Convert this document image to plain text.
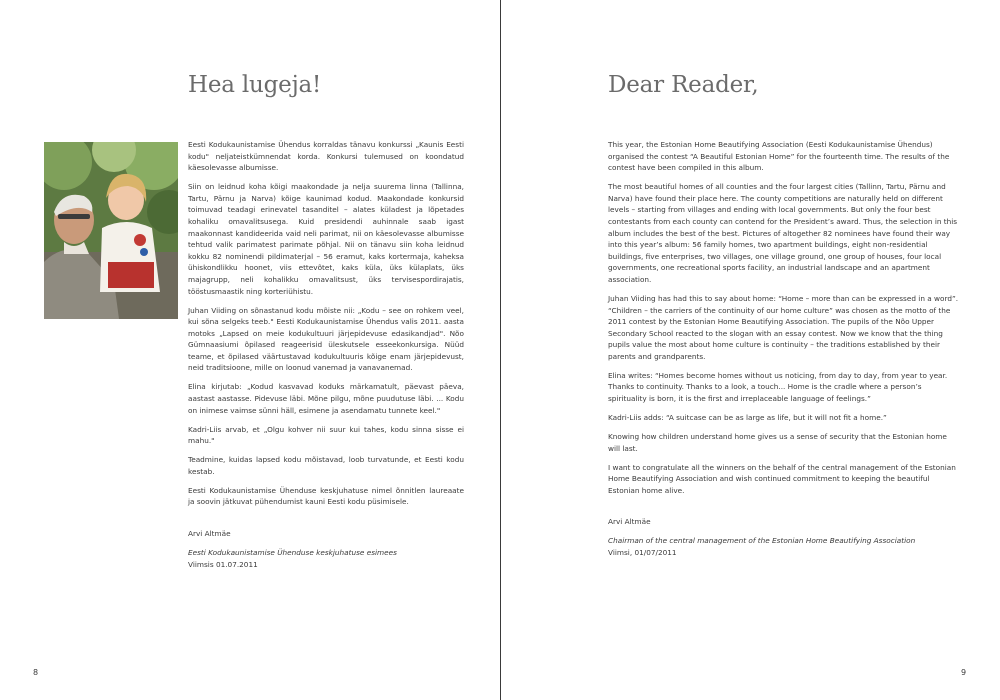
Hea lugeja!

Eesti Kodukaunistamise Ühendus korraldas tänavu konkurssi „Kaunis Eesti kodu" neljateistkümnendat korda. Konkursi tulemused on koondatud käesolevasse albumisse.

Siin on leidnud koha kõigi maakondade ja nelja suurema linna (Tallinna, Tartu, Pärnu ja Narva) kõige kaunimad kodud. Maakondade konkursid toimuvad teadagi erinevatel tasanditel – alates küladest ja lõpetades kohaliku omavalitsusega. Kuid presidendi auhinnale saab igast maakonnast kandideerida vaid neli parimat, nii on käesolevasse albumisse tehtud valik parimatest parimate põhjal. Nii on tänavu siin koha leidnud kokku 82 nominendi pildimaterjal – 56 eramut, kaks kortermaja, kaheksa ühiskondlikku hoonet, viis ettevõtet, kaks küla, üks külaplats, üks majagrupp, neli kohalikku omavalitsust, üks tervisespordirajatis, tööstusmaastik ning korteriühistu.

Juhan Viiding on sõnastanud kodu mõiste nii: „Kodu – see on rohkem veel, kui sõna selgeks teeb." Eesti Kodukaunistamise Ühendus valis 2011. aasta motoks „Lapsed on meie kodukultuuri järjepidevuse edasikandjad". Nõo Gümnaasiumi õpilased reageerisid üleskutsele esseekonkursiga. Nüüd teame, et õpilased väärtustavad kodukultuuris kõige enam järjepidevust, neid traditsioone, mille on loonud vanemad ja vanavanemad.

Elina kirjutab: „Kodud kasvavad koduks märkamatult, päevast päeva, aastast aastasse. Pidevuse läbi. Mõne pilgu, mõne puudutuse läbi. ... Kodu on inimese vaimse sünni häll, esimene ja asendamatu tunnete keel."

Kadri-Liis arvab, et „Olgu kohver nii suur kui tahes, kodu sinna sisse ei mahu."

Teadmine, kuidas lapsed kodu mõistavad, loob turvatunde, et Eesti kodu kestab.

Eesti Kodukaunistamise Ühenduse keskjuhatuse nimel õnnitlen laureaate ja soovin jätkuvat pühendumist kauni Eesti kodu püsimisele.

Arvi Altmäe

Eesti Kodukaunistamise Ühenduse keskjuhatuse esimees

Viimsis 01.07.2011

8
Dear Reader,

This year, the Estonian Home Beautifying Association (Eesti Kodukaunistamise Ühendus) organised the contest “A Beautiful Estonian Home” for the fourteenth time. The results of the contest have been compiled in this album.

The most beautiful homes of all counties and the four largest cities (Tallinn, Tartu, Pärnu and Narva) have found their place here. The county competitions are naturally held on different levels – starting from villages and ending with local governments. But only the four best contestants from each county can contend for the President’s award. Thus, the selection in this album includes the best of the best. Pictures of altogether 82 nominees have found their way into this year’s album: 56 family homes, two apartment buildings, eight non-residential buildings, five enterprises, two villages, one village ground, one group of houses, four local governments, one recreational sports facility, an industrial landscape and an apartment association.

Juhan Viiding has had this to say about home: “Home – more than can be expressed in a word”. “Children – the carriers of the continuity of our home culture” was chosen as the motto of the 2011 contest by the Estonian Home Beautifying Association. The pupils of the Nõo Upper Secondary School reacted to the slogan with an essay contest. Now we know that the thing pupils value the most about home culture is continuity – the traditions established by their parents and grandparents.

Elina writes: “Homes become homes without us noticing, from day to day, from year to year. Thanks to continuity. Thanks to a look, a touch... Home is the cradle where a person’s spirituality is born, it is the first and irreplaceable language of feelings.”

Kadri-Liis adds: “A suitcase can be as large as life, but it will not fit a home.”

Knowing how children understand home gives us a sense of security that the Estonian home will last.

I want to congratulate all the winners on the behalf of the central management of the Estonian Home Beautifying Association and wish continued commitment to keeping the beautiful Estonian home alive.

Arvi Altmäe

Chairman of the central management of the Estonian Home Beautifying Association

Viimsi, 01/07/2011

9
